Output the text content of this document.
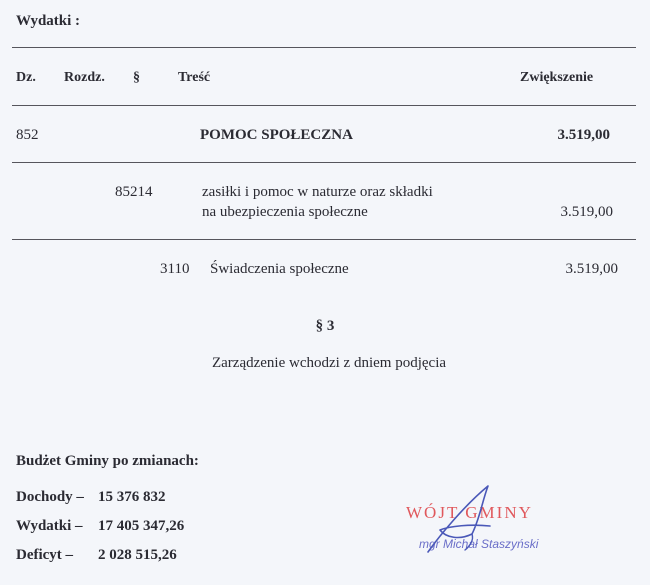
Wydatki :
Dz. Rozdz. §	Treść	Zwiększenie
852	POMOC SPOŁECZNA	3.519,00
85214	zasiłki i pomoc w naturze oraz składki
na ubezpieczenia społeczne	3.519,00
3110 Świadczenia społeczne	3.519,00
§ 3
Zarządzenie wchodzi z dniem podjęcia
Budżet Gminy po zmianach:
Dochody – 15 376 832
Wydatki – 17 405 347,26
Deficyt – 2 028 515,26
WÓJT GMINY
mgr Michał Staszyński
